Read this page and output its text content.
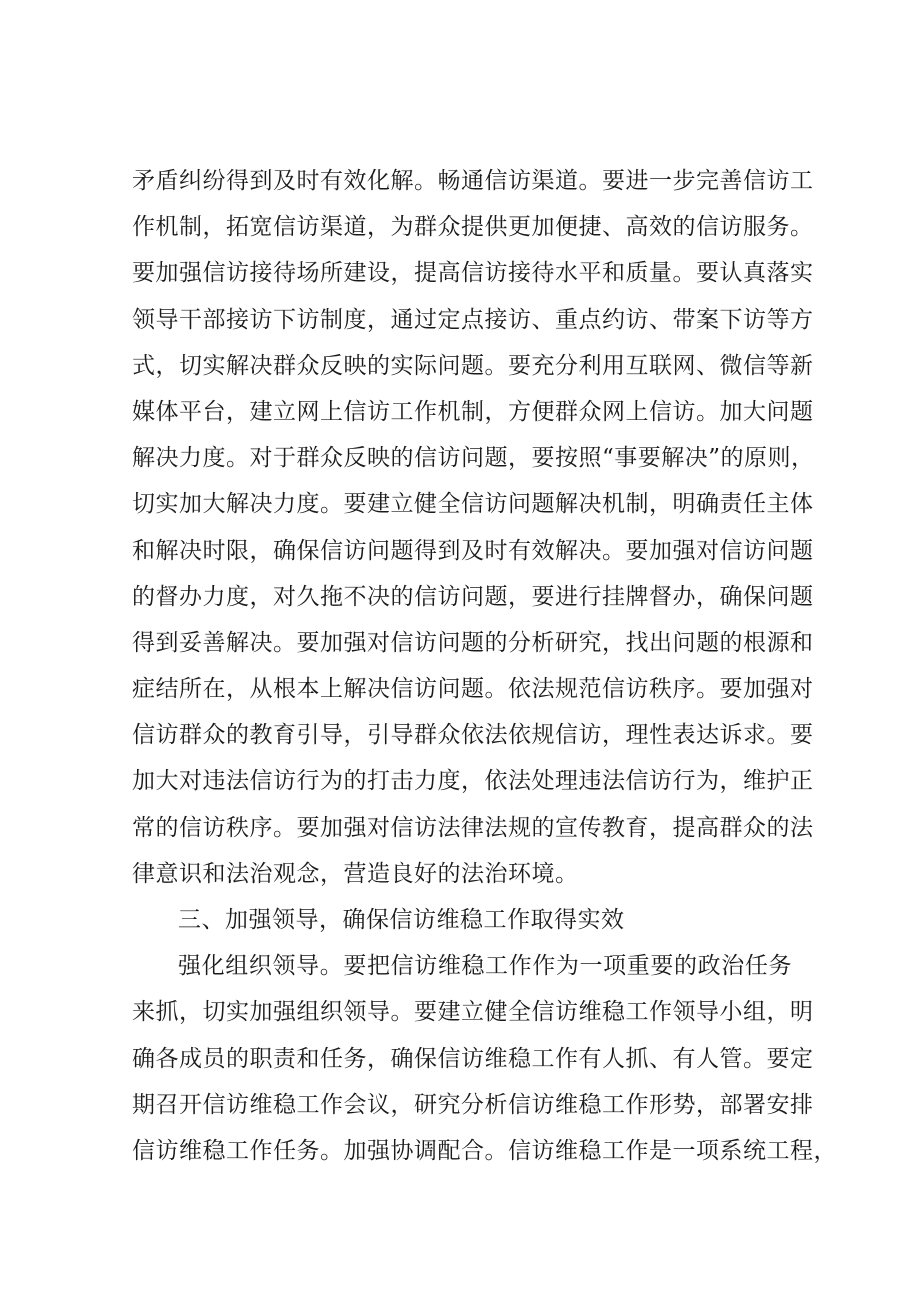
矛盾纠纷得到及时有效化解。畅通信访渠道。要进一步完善信访工
作机制，拓宽信访渠道，为群众提供更加便捷、高效的信访服务。
要加强信访接待场所建设，提高信访接待水平和质量。要认真落实
领导干部接访下访制度，通过定点接访、重点约访、带案下访等方
式，切实解决群众反映的实际问题。要充分利用互联网、微信等新
媒体平台，建立网上信访工作机制，方便群众网上信访。加大问题
解决力度。对于群众反映的信访问题，要按照“事要解决”的原则，
切实加大解决力度。要建立健全信访问题解决机制，明确责任主体
和解决时限，确保信访问题得到及时有效解决。要加强对信访问题
的督办力度，对久拖不决的信访问题，要进行挂牌督办，确保问题
得到妥善解决。要加强对信访问题的分析研究，找出问题的根源和
症结所在，从根本上解决信访问题。依法规范信访秩序。要加强对
信访群众的教育引导，引导群众依法依规信访，理性表达诉求。要
加大对违法信访行为的打击力度，依法处理违法信访行为，维护正
常的信访秩序。要加强对信访法律法规的宣传教育，提高群众的法
律意识和法治观念，营造良好的法治环境。
三、加强领导，确保信访维稳工作取得实效
强化组织领导。要把信访维稳工作作为一项重要的政治任务
来抓，切实加强组织领导。要建立健全信访维稳工作领导小组，明
确各成员的职责和任务，确保信访维稳工作有人抓、有人管。要定
期召开信访维稳工作会议，研究分析信访维稳工作形势，部署安排
信访维稳工作任务。加强协调配合。信访维稳工作是一项系统工程，
